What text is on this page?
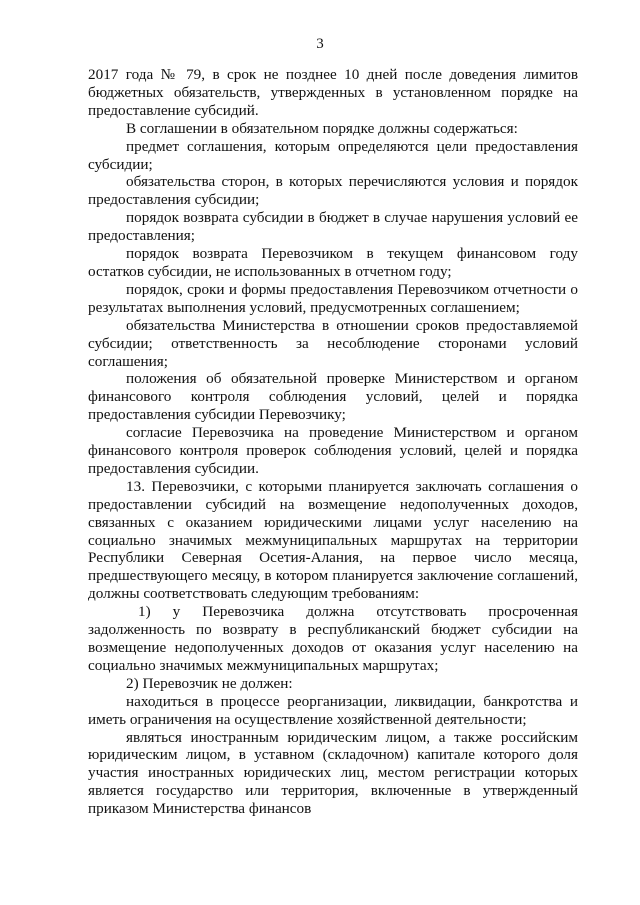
3

2017 года № 79, в срок не позднее 10 дней после доведения лимитов бюджетных обязательств, утвержденных в установленном порядке на предоставление субсидий.

В соглашении в обязательном порядке должны содержаться:

предмет соглашения, которым определяются цели предоставления субсидии;

обязательства сторон, в которых перечисляются условия и порядок предоставления субсидии;

порядок возврата субсидии в бюджет в случае нарушения условий ее предоставления;

порядок возврата Перевозчиком в текущем финансовом году остатков субсидии, не использованных в отчетном году;

порядок, сроки и формы предоставления Перевозчиком отчетности о результатах выполнения условий, предусмотренных соглашением;

обязательства Министерства в отношении сроков предоставляемой субсидии; ответственность за несоблюдение сторонами условий соглашения;

положения об обязательной проверке Министерством и органом финансового контроля соблюдения условий, целей и порядка предоставления субсидии Перевозчику;

согласие Перевозчика на проведение Министерством и органом финансового контроля проверок соблюдения условий, целей и порядка предоставления субсидии.

13. Перевозчики, с которыми планируется заключать соглашения о предоставлении субсидий на возмещение недополученных доходов, связанных с оказанием юридическими лицами услуг населению на социально значимых межмуниципальных маршрутах на территории Республики Северная Осетия-Алания, на первое число месяца, предшествующего месяцу, в котором планируется заключение соглашений, должны соответствовать следующим требованиям:

1) у Перевозчика должна отсутствовать просроченная задолженность по возврату в республиканский бюджет субсидии на возмещение недополученных доходов от оказания услуг населению на социально значимых межмуниципальных маршрутах;

2) Перевозчик не должен:

находиться в процессе реорганизации, ликвидации, банкротства и иметь ограничения на осуществление хозяйственной деятельности;

являться иностранным юридическим лицом, а также российским юридическим лицом, в уставном (складочном) капитале которого доля участия иностранных юридических лиц, местом регистрации которых является государство или территория, включенные в утвержденный приказом Министерства финансов
